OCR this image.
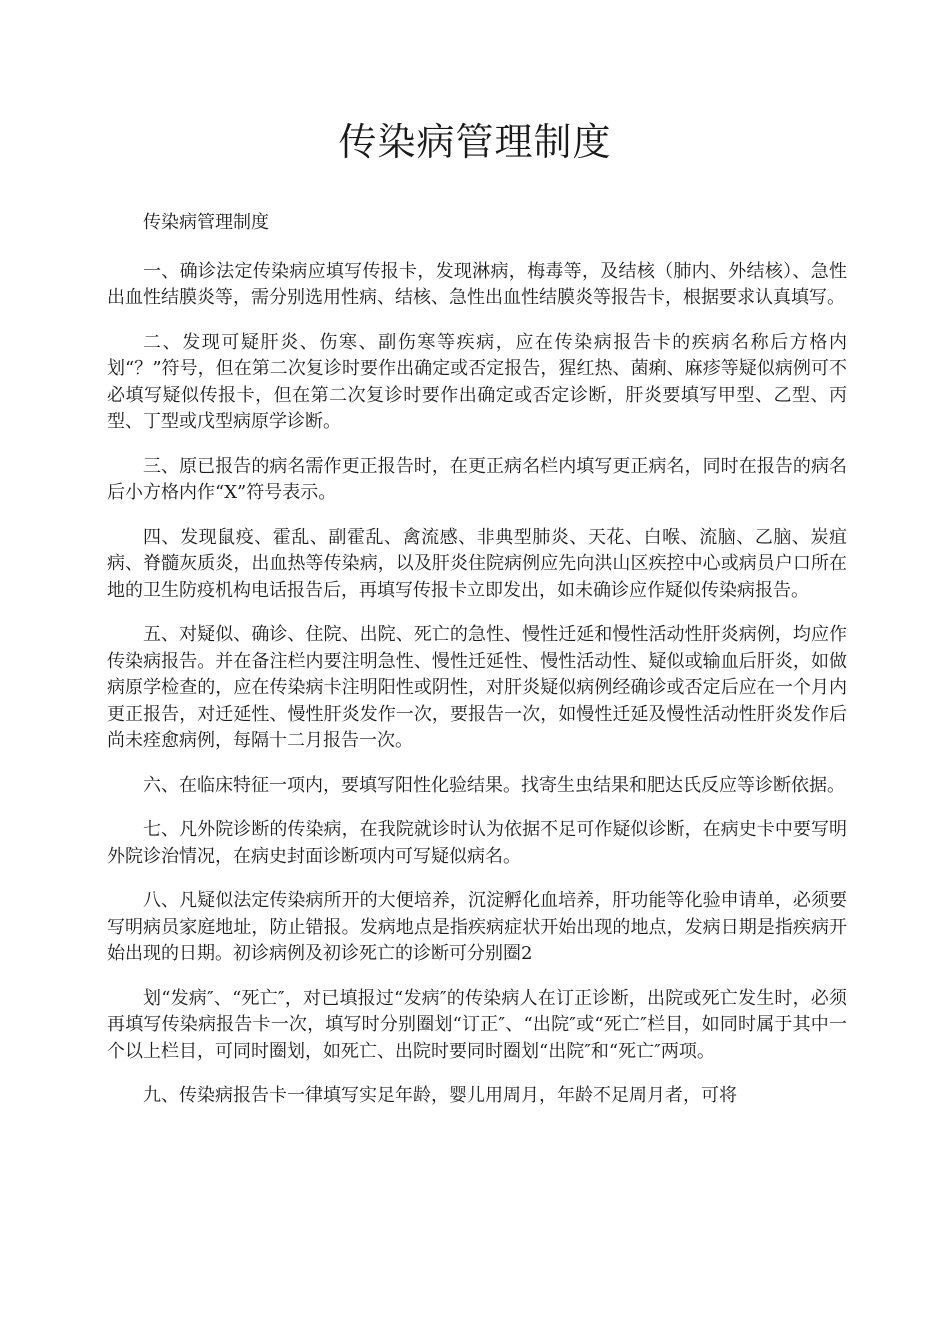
传染病管理制度

传染病管理制度

一、确诊法定传染病应填写传报卡，发现淋病，梅毒等，及结核（肺内、外结核）、急性出血性结膜炎等，需分别选用性病、结核、急性出血性结膜炎等报告卡，根据要求认真填写。

二、发现可疑肝炎、伤寒、副伤寒等疾病，应在传染病报告卡的疾病名称后方格内划“？”符号，但在第二次复诊时要作出确定或否定报告，猩红热、菌痢、麻疹等疑似病例可不必填写疑似传报卡，但在第二次复诊时要作出确定或否定诊断，肝炎要填写甲型、乙型、丙型、丁型或戊型病原学诊断。

三、原已报告的病名需作更正报告时，在更正病名栏内填写更正病名，同时在报告的病名后小方格内作“X”符号表示。

四、发现鼠疫、霍乱、副霍乱、禽流感、非典型肺炎、天花、白喉、流脑、乙脑、炭疽病、脊髓灰质炎，出血热等传染病，以及肝炎住院病例应先向洪山区疾控中心或病员户口所在地的卫生防疫机构电话报告后，再填写传报卡立即发出，如未确诊应作疑似传染病报告。

五、对疑似、确诊、住院、出院、死亡的急性、慢性迁延和慢性活动性肝炎病例，均应作传染病报告。并在备注栏内要注明急性、慢性迁延性、慢性活动性、疑似或输血后肝炎，如做病原学检查的，应在传染病卡注明阳性或阴性，对肝炎疑似病例经确诊或否定后应在一个月内更正报告，对迁延性、慢性肝炎发作一次，要报告一次，如慢性迁延及慢性活动性肝炎发作后尚未痊愈病例，每隔十二月报告一次。

六、在临床特征一项内，要填写阳性化验结果。找寄生虫结果和肥达氏反应等诊断依据。

七、凡外院诊断的传染病，在我院就诊时认为依据不足可作疑似诊断，在病史卡中要写明外院诊治情况，在病史封面诊断项内可写疑似病名。

八、凡疑似法定传染病所开的大便培养，沉淀孵化血培养，肝功能等化验申请单，必须要写明病员家庭地址，防止错报。发病地点是指疾病症状开始出现的地点，发病日期是指疾病开始出现的日期。初诊病例及初诊死亡的诊断可分别圈2

划“发病″、“死亡″，对已填报过“发病″的传染病人在订正诊断，出院或死亡发生时，必须再填写传染病报告卡一次，填写时分别圈划“订正″、“出院″或“死亡″栏目，如同时属于其中一个以上栏目，可同时圈划，如死亡、出院时要同时圈划“出院″和“死亡″两项。

九、传染病报告卡一律填写实足年龄，婴儿用周月，年龄不足周月者，可将
